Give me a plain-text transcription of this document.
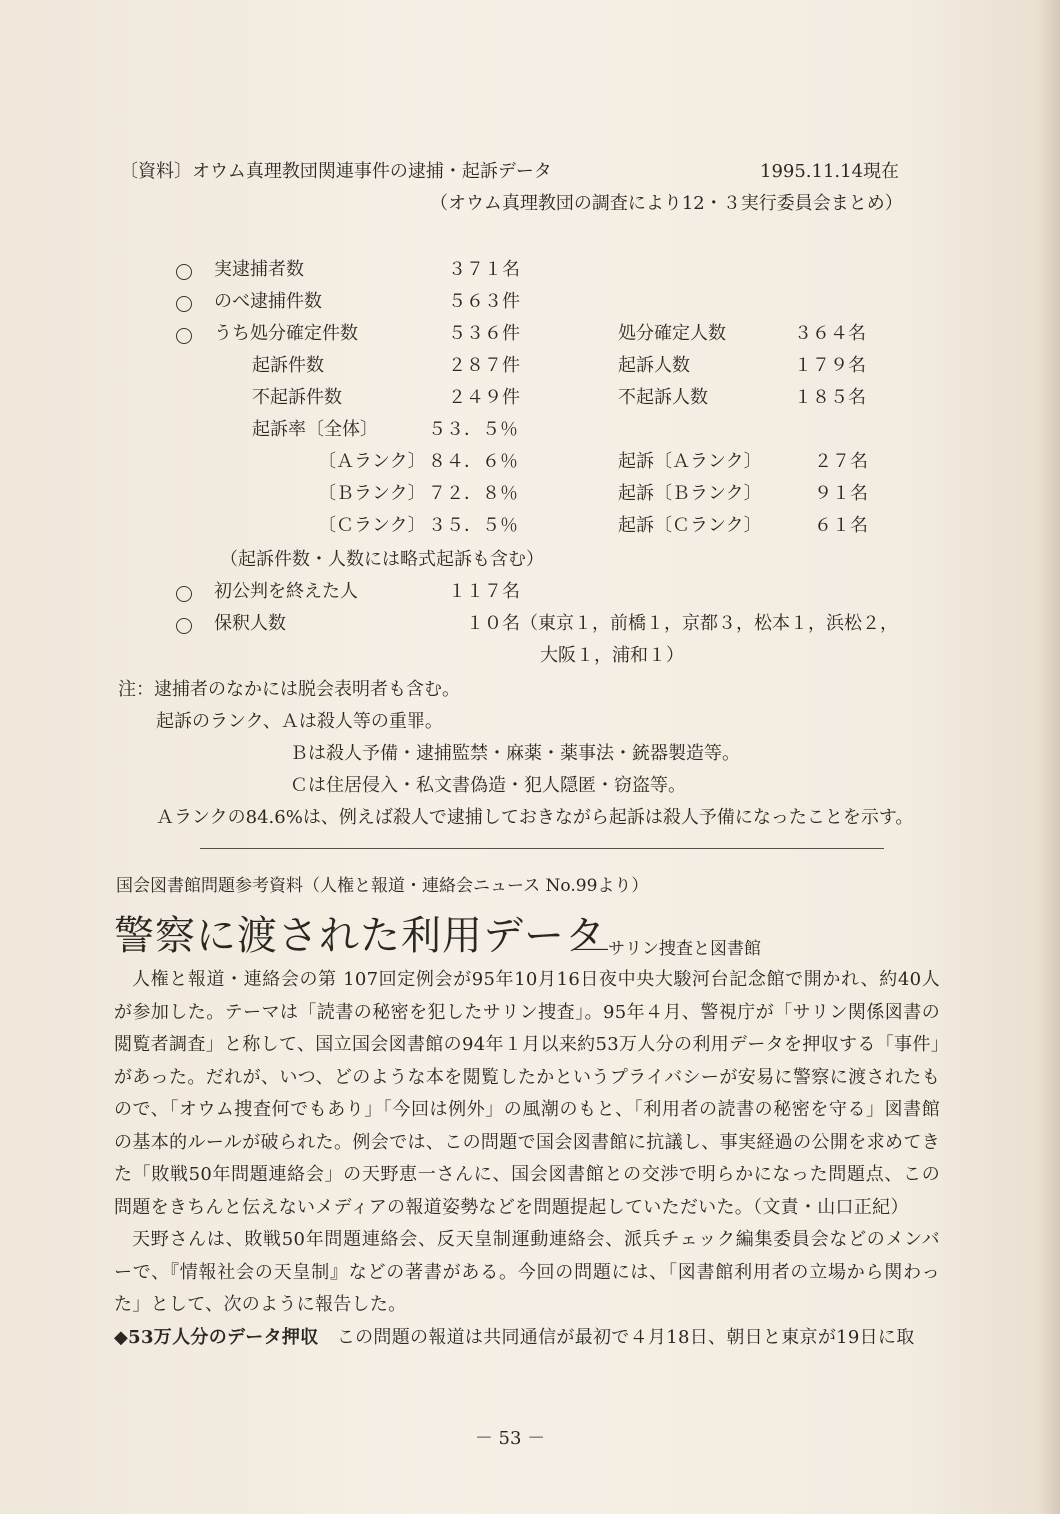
〔資料〕オウム真理教団関連事件の逮捕・起訴データ	1995.11.14現在
（オウム真理教団の調査により12・３実行委員会まとめ）
実逮捕者数	３７１名
のべ逮捕件数	５６３件
うち処分確定件数	５３６件	処分確定人数	３６４名
起訴件数	２８７件	起訴人数	１７９名
不起訴件数	２４９件	不起訴人数	１８５名
起訴率〔全体〕	５３．５％
〔Ａランク〕 ８４．６％	起訴〔Ａランク〕	２７名
〔Ｂランク〕 ７２．８％	起訴〔Ｂランク〕	９１名
〔Ｃランク〕 ３５．５％	起訴〔Ｃランク〕	６１名
（起訴件数・人数には略式起訴も含む）
初公判を終えた人	１１７名
保釈人数	１０名（東京１，前橋１，京都３，松本１，浜松２，
大阪１，浦和１）
注：逮捕者のなかには脱会表明者も含む。
起訴のランク、Ａは殺人等の重罪。
Ｂは殺人予備・逮捕監禁・麻薬・薬事法・銃器製造等。
Ｃは住居侵入・私文書偽造・犯人隠匿・窃盗等。
Ａランクの84.6%は、例えば殺人で逮捕しておきながら起訴は殺人予備になったことを示す。
国会図書館問題参考資料（人権と報道・連絡会ニュース No.99より）
警察に渡された利用データ
――サリン捜査と図書館

人権と報道・連絡会の第 107回定例会が95年10月16日夜中央大駿河台記念館で開かれ、約40人が参加した。テーマは「読書の秘密を犯したサリン捜査」。95年４月、警視庁が「サリン関係図書の閲覧者調査」と称して、国立国会図書館の94年１月以来約53万人分の利用データを押収する「事件」があった。だれが、いつ、どのような本を閲覧したかというプライバシーが安易に警察に渡されたもので、「オウム捜査何でもあり」「今回は例外」の風潮のもと、「利用者の読書の秘密を守る」図書館の基本的ルールが破られた。例会では、この問題で国会図書館に抗議し、事実経過の公開を求めてきた「敗戦50年問題連絡会」の天野恵一さんに、国会図書館との交渉で明らかになった問題点、この問題をきちんと伝えないメディアの報道姿勢などを問題提起していただいた。（文責・山口正紀）

天野さんは、敗戦50年問題連絡会、反天皇制運動連絡会、派兵チェック編集委員会などのメンバーで、『情報社会の天皇制』などの著書がある。今回の問題には、「図書館利用者の立場から関わった」として、次のように報告した。

◆53万人分のデータ押収　 この問題の報道は共同通信が最初で４月18日、朝日と東京が19日に取

－ 53 －
